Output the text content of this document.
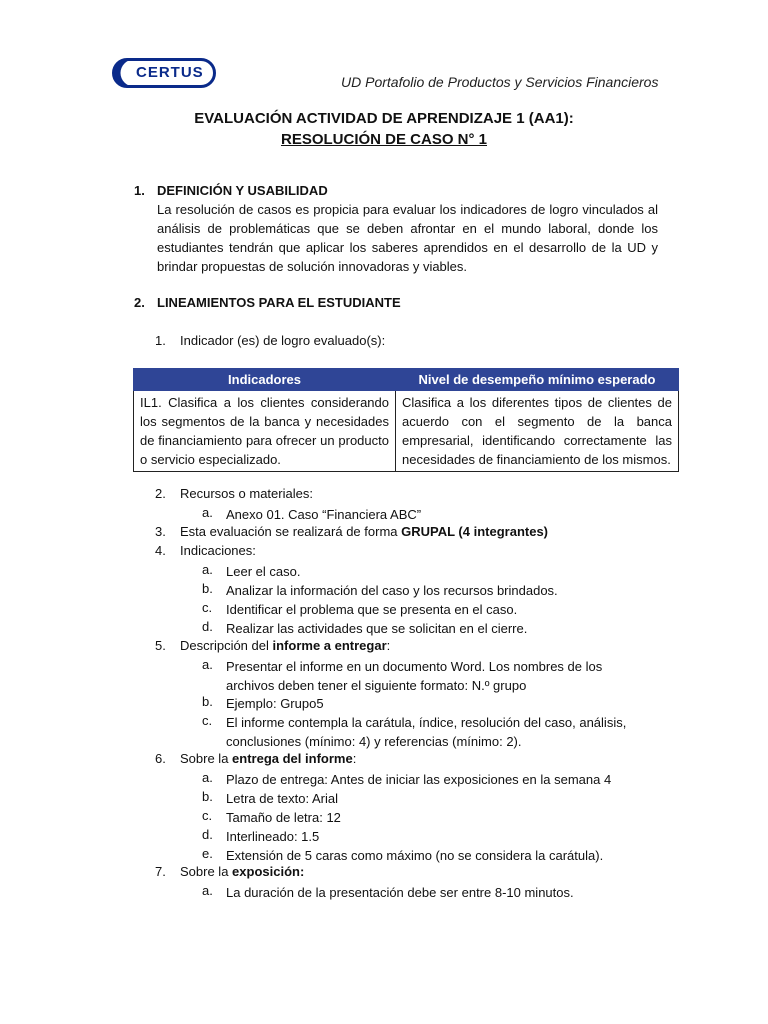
CERTUS
UD Portafolio de Productos y Servicios Financieros
EVALUACIÓN ACTIVIDAD DE APRENDIZAJE 1 (AA1):
RESOLUCIÓN DE CASO N° 1
1. DEFINICIÓN Y USABILIDAD
La resolución de casos es propicia para evaluar los indicadores de logro vinculados al análisis de problemáticas que se deben afrontar en el mundo laboral, donde los estudiantes tendrán que aplicar los saberes aprendidos en el desarrollo de la UD y brindar propuestas de solución innovadoras y viables.
2. LINEAMIENTOS PARA EL ESTUDIANTE
1. Indicador (es) de logro evaluado(s):
Indicadores	Nivel de desempeño mínimo esperado
IL1. Clasifica a los clientes considerando los segmentos de la banca y necesidades de financiamiento para ofrecer un producto o servicio especializado.	Clasifica a los diferentes tipos de clientes de acuerdo con el segmento de la banca empresarial, identificando correctamente las necesidades de financiamiento de los mismos.
2. Recursos o materiales:
a. Anexo 01. Caso “Financiera ABC”
3. Esta evaluación se realizará de forma GRUPAL (4 integrantes)
4. Indicaciones:
a. Leer el caso.
b. Analizar la información del caso y los recursos brindados.
c. Identificar el problema que se presenta en el caso.
d. Realizar las actividades que se solicitan en el cierre.
5. Descripción del informe a entregar:
a. Presentar el informe en un documento Word. Los nombres de los archivos deben tener el siguiente formato: N.º grupo
b. Ejemplo: Grupo5
c. El informe contempla la carátula, índice, resolución del caso, análisis, conclusiones (mínimo: 4) y referencias (mínimo: 2).
6. Sobre la entrega del informe:
a. Plazo de entrega: Antes de iniciar las exposiciones en la semana 4
b. Letra de texto: Arial
c. Tamaño de letra: 12
d. Interlineado: 1.5
e. Extensión de 5 caras como máximo (no se considera la carátula).
7. Sobre la exposición:
a. La duración de la presentación debe ser entre 8-10 minutos.
